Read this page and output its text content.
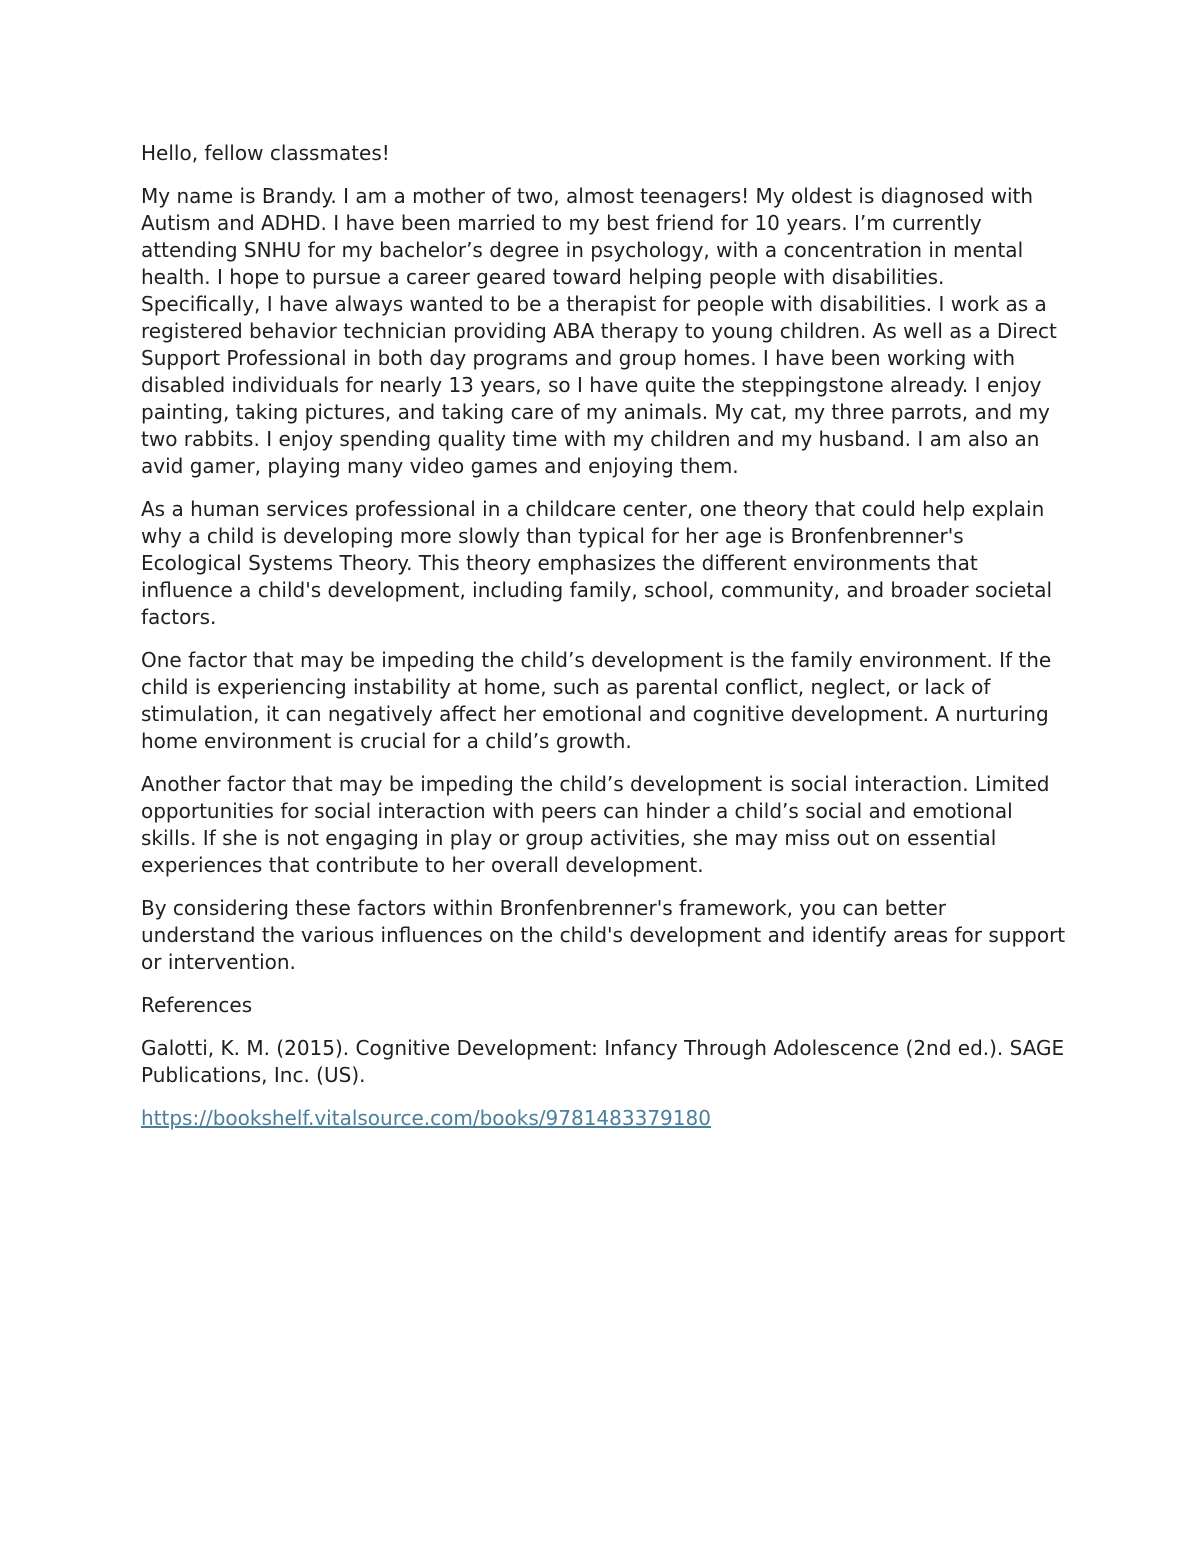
Hello, fellow classmates!

My name is Brandy. I am a mother of two, almost teenagers! My oldest is diagnosed with Autism and ADHD. I have been married to my best friend for 10 years. I’m currently attending SNHU for my bachelor’s degree in psychology, with a concentration in mental health. I hope to pursue a career geared toward helping people with disabilities. Specifically, I have always wanted to be a therapist for people with disabilities. I work as a registered behavior technician providing ABA therapy to young children. As well as a Direct Support Professional in both day programs and group homes. I have been working with disabled individuals for nearly 13 years, so I have quite the steppingstone already. I enjoy painting, taking pictures, and taking care of my animals. My cat, my three parrots, and my two rabbits. I enjoy spending quality time with my children and my husband. I am also an avid gamer, playing many video games and enjoying them.

As a human services professional in a childcare center, one theory that could help explain why a child is developing more slowly than typical for her age is Bronfenbrenner's Ecological Systems Theory. This theory emphasizes the different environments that influence a child's development, including family, school, community, and broader societal factors.

One factor that may be impeding the child’s development is the family environment. If the child is experiencing instability at home, such as parental conflict, neglect, or lack of stimulation, it can negatively affect her emotional and cognitive development. A nurturing home environment is crucial for a child’s growth.

Another factor that may be impeding the child’s development is social interaction. Limited opportunities for social interaction with peers can hinder a child’s social and emotional skills. If she is not engaging in play or group activities, she may miss out on essential experiences that contribute to her overall development.

By considering these factors within Bronfenbrenner's framework, you can better understand the various influences on the child's development and identify areas for support or intervention.

References

Galotti, K. M. (2015). Cognitive Development: Infancy Through Adolescence (2nd ed.). SAGE Publications, Inc. (US).

https://bookshelf.vitalsource.com/books/9781483379180
